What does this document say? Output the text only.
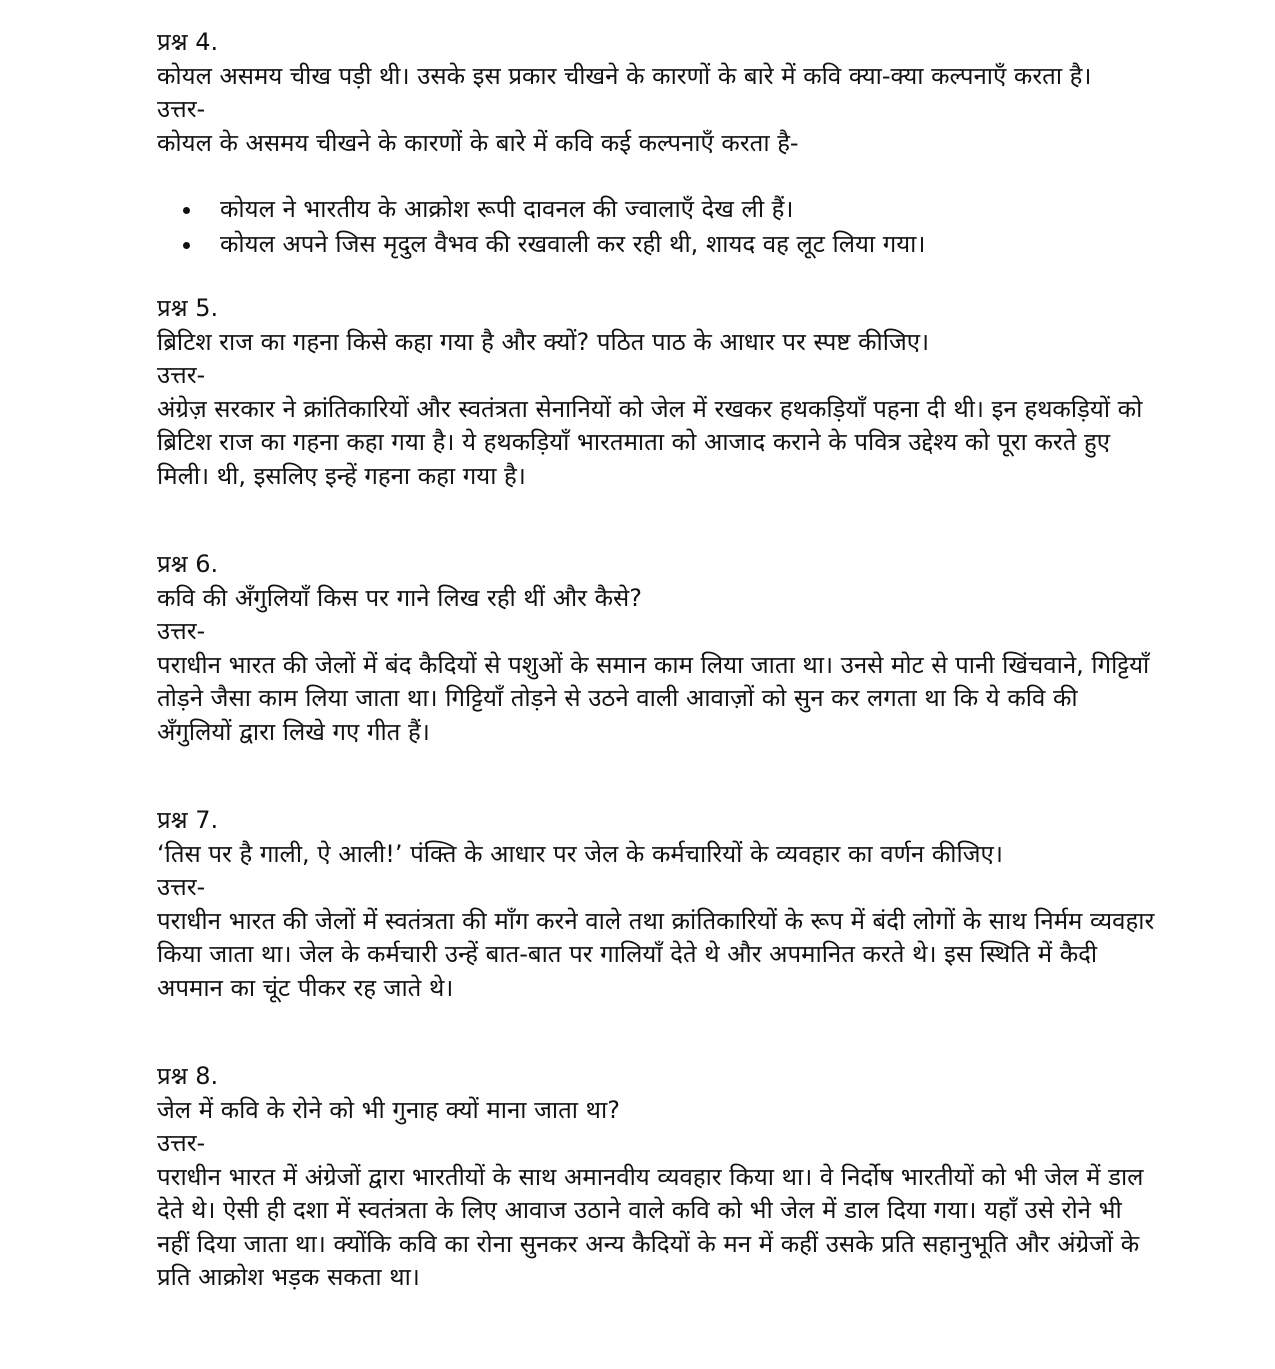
प्रश्न 4.

कोयल असमय चीख पड़ी थी। उसके इस प्रकार चीखने के कारणों के बारे में कवि क्या-क्या कल्पनाएँ करता है।

उत्तर-

कोयल के असमय चीखने के कारणों के बारे में कवि कई कल्पनाएँ करता है-

कोयल ने भारतीय के आक्रोश रूपी दावनल की ज्वालाएँ देख ली हैं।
कोयल अपने जिस मृदुल वैभव की रखवाली कर रही थी, शायद वह लूट लिया गया।

प्रश्न 5.

ब्रिटिश राज का गहना किसे कहा गया है और क्यों? पठित पाठ के आधार पर स्पष्ट कीजिए।

उत्तर-

अंग्रेज़ सरकार ने क्रांतिकारियों और स्वतंत्रता सेनानियों को जेल में रखकर हथकड़ियाँ पहना दी थी। इन हथकड़ियों को ब्रिटिश राज का गहना कहा गया है। ये हथकड़ियाँ भारतमाता को आजाद कराने के पवित्र उद्देश्य को पूरा करते हुए मिली। थी, इसलिए इन्हें गहना कहा गया है।

प्रश्न 6.

कवि की अँगुलियाँ किस पर गाने लिख रही थीं और कैसे?

उत्तर-

पराधीन भारत की जेलों में बंद कैदियों से पशुओं के समान काम लिया जाता था। उनसे मोट से पानी खिंचवाने, गिट्टियाँ तोड़ने जैसा काम लिया जाता था। गिट्टियाँ तोड़ने से उठने वाली आवाज़ों को सुन कर लगता था कि ये कवि की अँगुलियों द्वारा लिखे गए गीत हैं।

प्रश्न 7.

‘तिस पर है गाली, ऐ आली!’ पंक्ति के आधार पर जेल के कर्मचारियों के व्यवहार का वर्णन कीजिए।

उत्तर-

पराधीन भारत की जेलों में स्वतंत्रता की माँग करने वाले तथा क्रांतिकारियों के रूप में बंदी लोगों के साथ निर्मम व्यवहार किया जाता था। जेल के कर्मचारी उन्हें बात-बात पर गालियाँ देते थे और अपमानित करते थे। इस स्थिति में कैदी अपमान का चूंट पीकर रह जाते थे।

प्रश्न 8.

जेल में कवि के रोने को भी गुनाह क्यों माना जाता था?

उत्तर-

पराधीन भारत में अंग्रेजों द्वारा भारतीयों के साथ अमानवीय व्यवहार किया था। वे निर्दोष भारतीयों को भी जेल में डाल देते थे। ऐसी ही दशा में स्वतंत्रता के लिए आवाज उठाने वाले कवि को भी जेल में डाल दिया गया। यहाँ उसे रोने भी नहीं दिया जाता था। क्योंकि कवि का रोना सुनकर अन्य कैदियों के मन में कहीं उसके प्रति सहानुभूति और अंग्रेजों के प्रति आक्रोश भड़क सकता था।
